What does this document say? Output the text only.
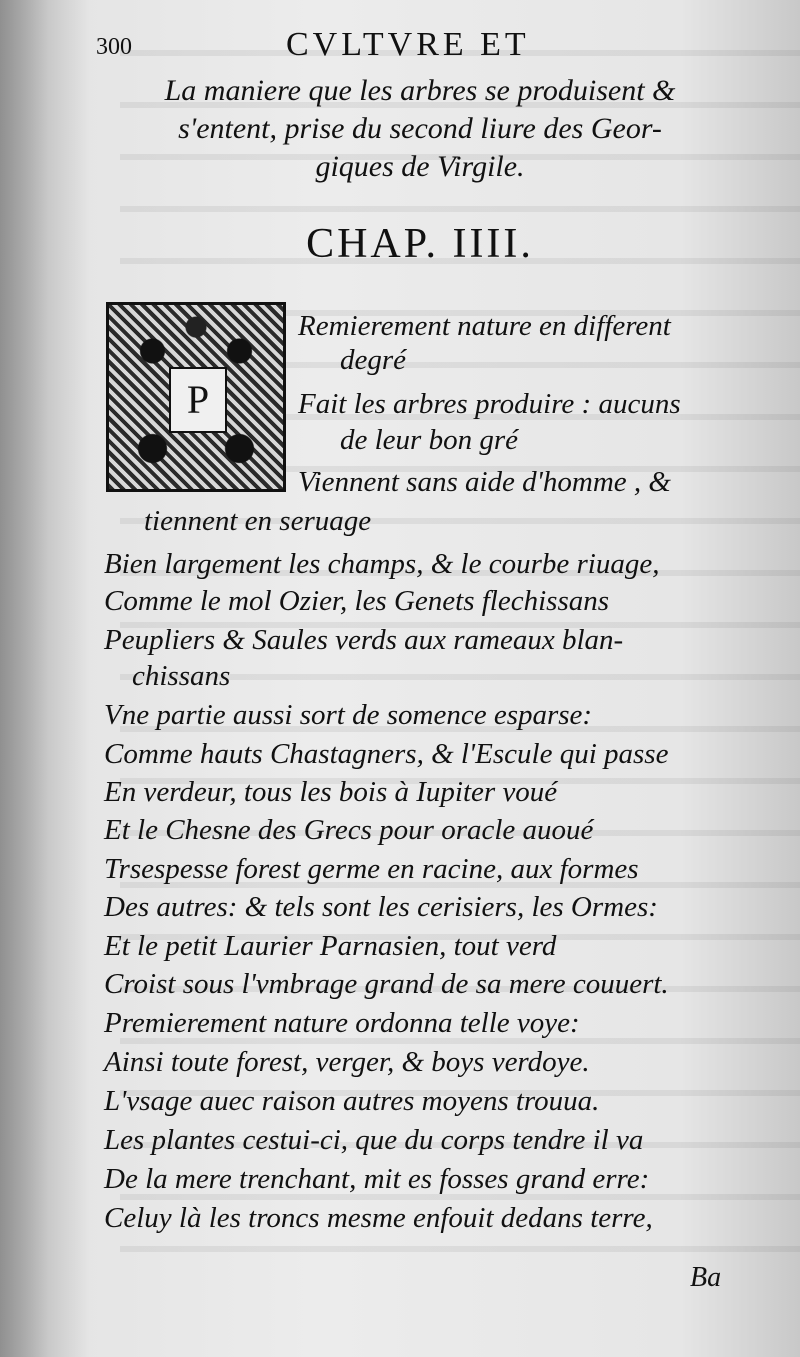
300	CVLTVRE ET
La maniere que les arbres se produisent &
s'entent, prise du second liure des Geor-
giques de Virgile.
CHAP. IIII.
P
Remierement nature en different
degré
Fait les arbres produire : aucuns
de leur bon gré
Viennent sans aide d'homme , &
tiennent en seruage
Bien largement les champs, & le courbe riuage,
Comme le mol Ozier, les Genets flechissans
Peupliers & Saules verds aux rameaux blan-
chissans
Vne partie aussi sort de somence esparse:
Comme hauts Chastagners, & l'Escule qui passe
En verdeur, tous les bois à Iupiter voué
Et le Chesne des Grecs pour oracle auoué
Trsespesse forest germe en racine, aux formes
Des autres: & tels sont les cerisiers, les Ormes:
Et le petit Laurier Parnasien, tout verd
Croist sous l'vmbrage grand de sa mere couuert.
Premierement nature ordonna telle voye:
Ainsi toute forest, verger, & boys verdoye.
L'vsage auec raison autres moyens trouua.
Les plantes cestui-ci, que du corps tendre il va
De la mere trenchant, mit es fosses grand erre:
Celuy là les troncs mesme enfouit dedans terre,
Ba
